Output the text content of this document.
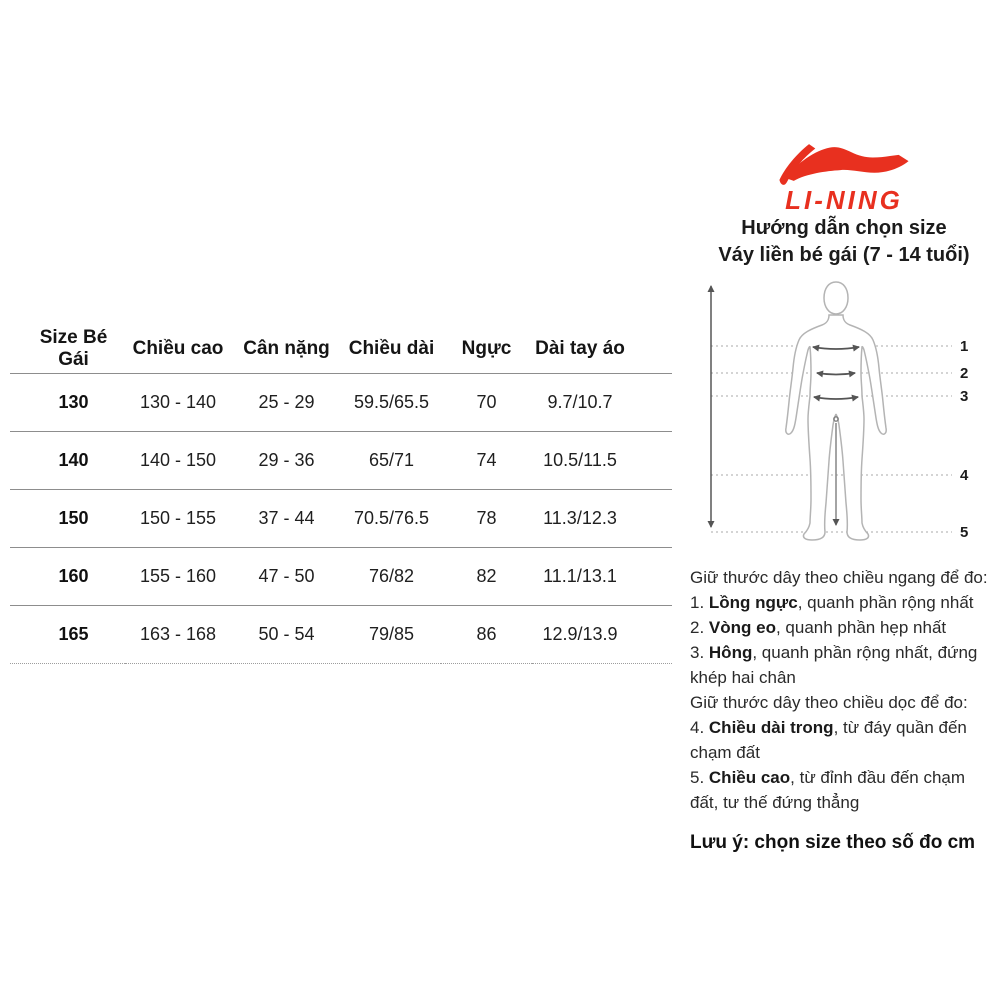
Size Bé Gái	Chiều cao	Cân nặng	Chiều dài	Ngực	Dài tay áo
130	130 - 140	25 - 29	59.5/65.5	70	9.7/10.7
140	140 - 150	29 - 36	65/71	74	10.5/11.5
150	150 - 155	37 - 44	70.5/76.5	78	11.3/12.3
160	155 - 160	47 - 50	76/82	82	11.1/13.1
165	163 - 168	50 - 54	79/85	86	12.9/13.9
LI-NING
Hướng dẫn chọn size
Váy liền bé gái (7 - 14 tuổi)
1
2
3
4
5
Giữ thước dây theo chiều ngang để đo:
1. Lồng ngực, quanh phần rộng nhất
2. Vòng eo, quanh phần hẹp nhất
3. Hông, quanh phần rộng nhất, đứng khép hai chân
Giữ thước dây theo chiều dọc để đo:
4. Chiều dài trong, từ đáy quần đến chạm đất
5. Chiều cao, từ đỉnh đầu đến chạm đất, tư thế đứng thẳng
Lưu ý: chọn size theo số đo cm
